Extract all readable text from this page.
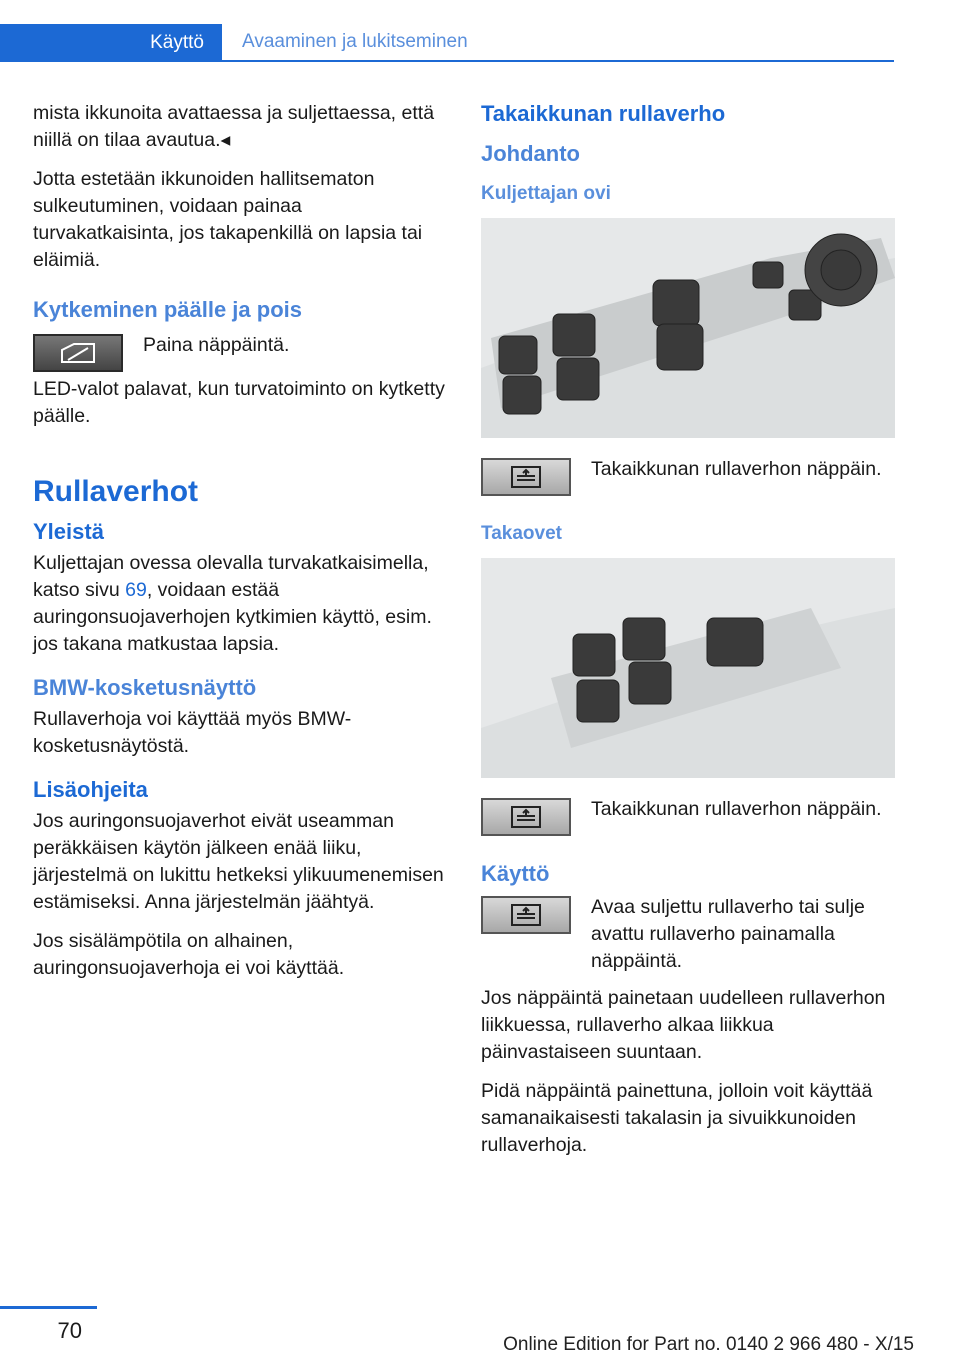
Käyttö	Avaaminen ja lukitseminen

mista ikkunoita avattaessa ja suljettaessa, että niillä on tilaa avautua.◂

Jotta estetään ikkunoiden hallitsematon sulkeutuminen, voidaan painaa turvakatkaisinta, jos takapenkillä on lapsia tai eläimiä.

Kytkeminen päälle ja pois

Paina näppäintä.

LED-valot palavat, kun turvatoiminto on kytketty päälle.

Rullaverhot
Yleistä

Kuljettajan ovessa olevalla turvakatkaisimella, katso sivu 69, voidaan estää auringonsuojaverhojen kytkimien käyttö, esim. jos takana matkustaa lapsia.

BMW-kosketusnäyttö

Rullaverhoja voi käyttää myös BMW-kosketusnäytöstä.

Lisäohjeita

Jos auringonsuojaverhot eivät useamman peräkkäisen käytön jälkeen enää liiku, järjestelmä on lukittu hetkeksi ylikuumenemisen estämiseksi. Anna järjestelmän jäähtyä.

Jos sisälämpötila on alhainen, auringonsuojaverhoja ei voi käyttää.

Takaikkunan rullaverho
Johdanto
Kuljettajan ovi

Takaikkunan rullaverhon näppäin.

Takaovet

Takaikkunan rullaverhon näppäin.

Käyttö

Avaa suljettu rullaverho tai sulje avattu rullaverho painamalla näppäintä.

Jos näppäintä painetaan uudelleen rullaverhon liikkuessa, rullaverho alkaa liikkua päinvastaiseen suuntaan.

Pidä näppäintä painettuna, jolloin voit käyttää samanaikaisesti takalasin ja sivuikkunoiden rullaverhoja.

70
Online Edition for Part no. 0140 2 966 480 - X/15
